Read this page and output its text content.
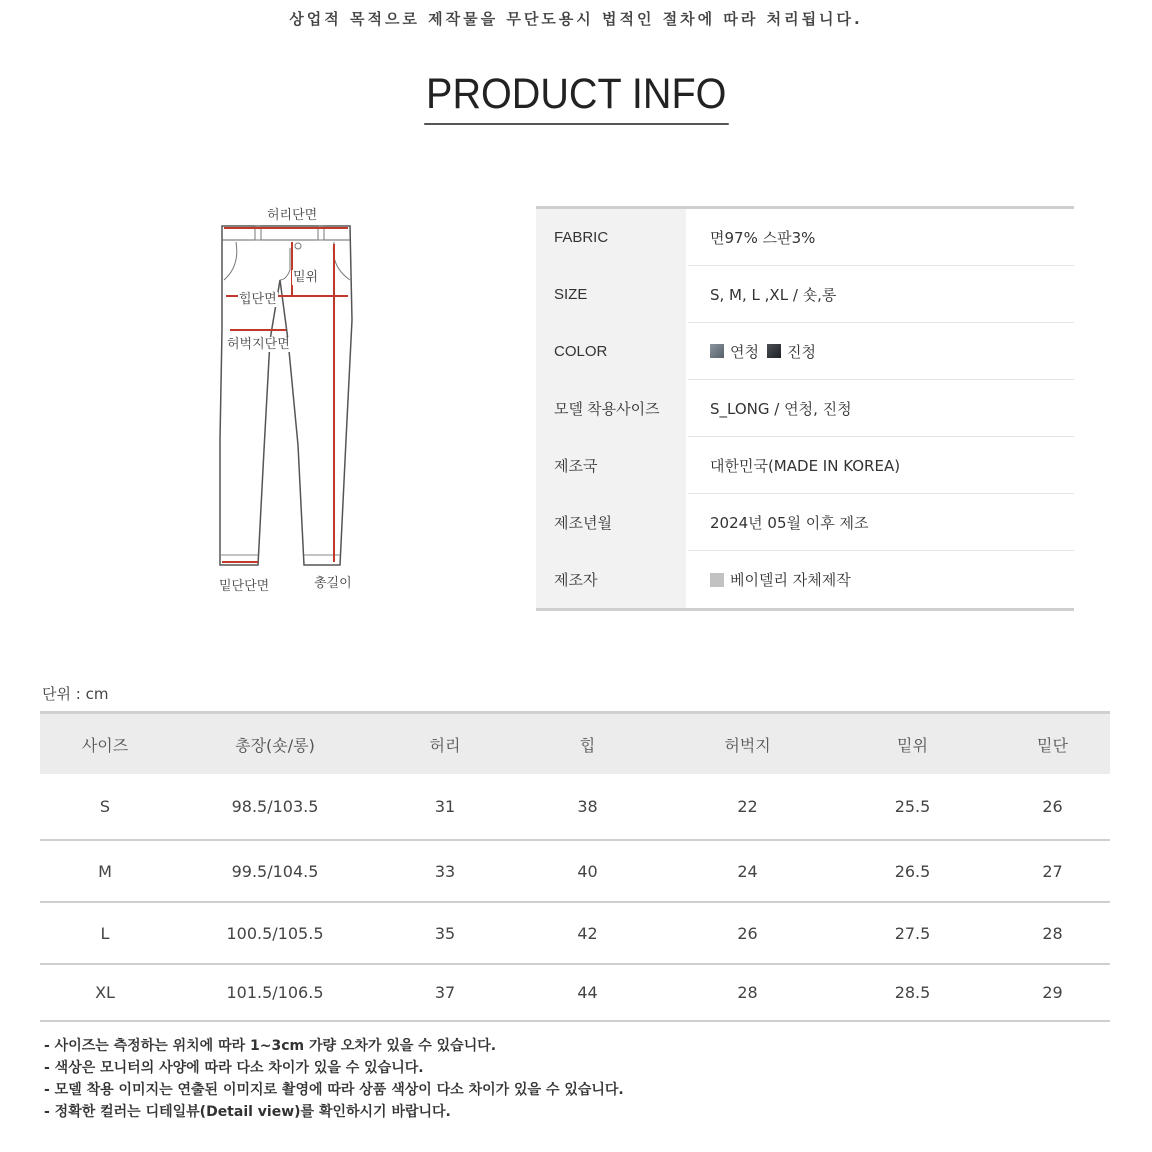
상업적 목적으로 제작물을 무단도용시 법적인 절차에 따라 처리됩니다.
PRODUCT INFO
허리단면
밑위
힙단면
허벅지단면
밑단단면	총길이
FABRIC	면97% 스판3%
SIZE	S, M, L ,XL / 숏,롱
COLOR	연청 진청
모델 착용사이즈	S_LONG / 연청, 진청
제조국	대한민국(MADE IN KOREA)
제조년월	2024년 05월 이후 제조
제조자	베이델리 자체제작
단위 : cm
사이즈	총장(숏/롱)	허리	힙	허벅지	밑위	밑단
S	98.5/103.5	31	38	22	25.5	26
M	99.5/104.5	33	40	24	26.5	27
L	100.5/105.5	35	42	26	27.5	28
XL	101.5/106.5	37	44	28	28.5	29
- 사이즈는 측정하는 위치에 따라 1~3cm 가량 오차가 있을 수 있습니다.
- 색상은 모니터의 사양에 따라 다소 차이가 있을 수 있습니다.
- 모델 착용 이미지는 연출된 이미지로 촬영에 따라 상품 색상이 다소 차이가 있을 수 있습니다.
- 정확한 컬러는 디테일뷰(Detail view)를 확인하시기 바랍니다.
